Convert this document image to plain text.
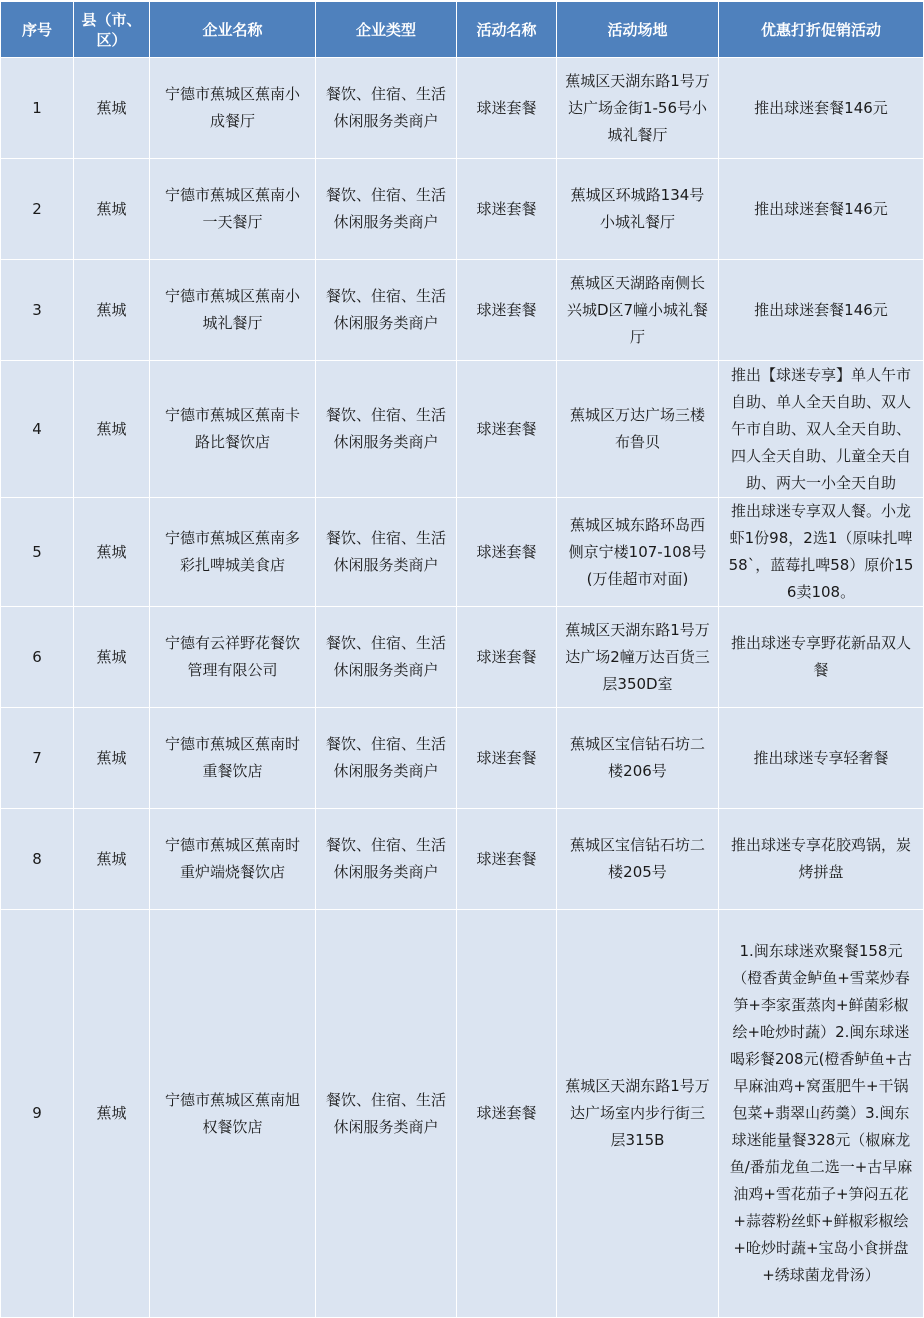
序号	县（市、区）	企业名称	企业类型	活动名称	活动场地	优惠打折促销活动
1	蕉城	宁德市蕉城区蕉南小成餐厅	餐饮、住宿、生活休闲服务类商户	球迷套餐	蕉城区天湖东路1号万达广场金街1-56号小城礼餐厅	推出球迷套餐146元
2	蕉城	宁德市蕉城区蕉南小一天餐厅	餐饮、住宿、生活休闲服务类商户	球迷套餐	蕉城区环城路134号小城礼餐厅	推出球迷套餐146元
3	蕉城	宁德市蕉城区蕉南小城礼餐厅	餐饮、住宿、生活休闲服务类商户	球迷套餐	蕉城区天湖路南侧长兴城D区7幢小城礼餐厅	推出球迷套餐146元
4	蕉城	宁德市蕉城区蕉南卡路比餐饮店	餐饮、住宿、生活休闲服务类商户	球迷套餐	蕉城区万达广场三楼布鲁贝	推出【球迷专享】单人午市自助、单人全天自助、双人午市自助、双人全天自助、四人全天自助、儿童全天自助、两大一小全天自助
5	蕉城	宁德市蕉城区蕉南多彩扎啤城美食店	餐饮、住宿、生活休闲服务类商户	球迷套餐	蕉城区城东路环岛西侧京宁楼107-108号(万佳超市对面)	推出球迷专享双人餐。小龙虾1份98，2选1（原味扎啤58`，蓝莓扎啤58）原价156卖108。
6	蕉城	宁德有云祥野花餐饮管理有限公司	餐饮、住宿、生活休闲服务类商户	球迷套餐	蕉城区天湖东路1号万达广场2幢万达百货三层350D室	推出球迷专享野花新品双人餐
7	蕉城	宁德市蕉城区蕉南时重餐饮店	餐饮、住宿、生活休闲服务类商户	球迷套餐	蕉城区宝信钻石坊二楼206号	推出球迷专享轻奢餐
8	蕉城	宁德市蕉城区蕉南时重炉端烧餐饮店	餐饮、住宿、生活休闲服务类商户	球迷套餐	蕉城区宝信钻石坊二楼205号	推出球迷专享花胶鸡锅，炭烤拼盘
9	蕉城	宁德市蕉城区蕉南旭权餐饮店	餐饮、住宿、生活休闲服务类商户	球迷套餐	蕉城区天湖东路1号万达广场室内步行街三层315B	1.闽东球迷欢聚餐158元（橙香黄金鲈鱼+雪菜炒春笋+李家蛋蒸肉+鲜菌彩椒绘+呛炒时蔬）2.闽东球迷喝彩餐208元(橙香鲈鱼+古早麻油鸡+窝蛋肥牛+干锅包菜+翡翠山药羹）3.闽东球迷能量餐328元（椒麻龙鱼/番茄龙鱼二选一+古早麻油鸡+雪花茄子+笋闷五花+蒜蓉粉丝虾+鲜椒彩椒绘+呛炒时蔬+宝岛小食拼盘+绣球菌龙骨汤）
